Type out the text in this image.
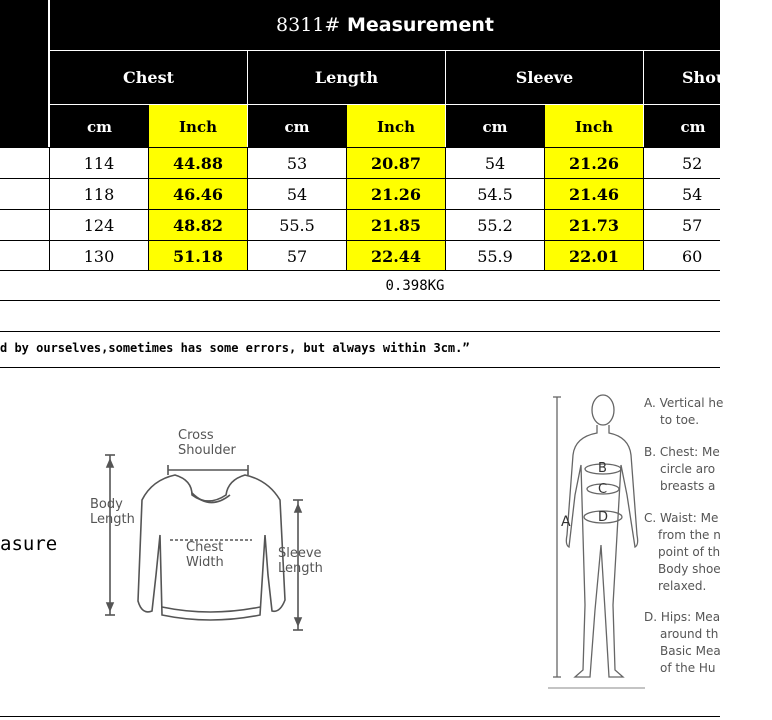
8311#
Measurement
Chest	Length	Sleeve	Shou
cm	Inch	cm	Inch	cm	Inch	cm
114	44.88	53	20.87	54	21.26	52
118	46.46	54	21.26	54.5	21.46	54
124	48.82	55.5	21.85	55.2	21.73	57
130	51.18	57	22.44	55.9	22.01	60
0.398KG
d by ourselves,sometimes has some errors, but always within 3cm.”
asure
Cross
Shoulder
Body
Length
Chest
Width
Sleeve
Length
A
B
C
D
A. Vertical he
to toe.
B. Chest: Me
circle aro
breasts a
C. Waist: Me
from the n
point of th
Body shoe
relaxed.
D. Hips: Mea
around th
Basic Mea
of the Hu
